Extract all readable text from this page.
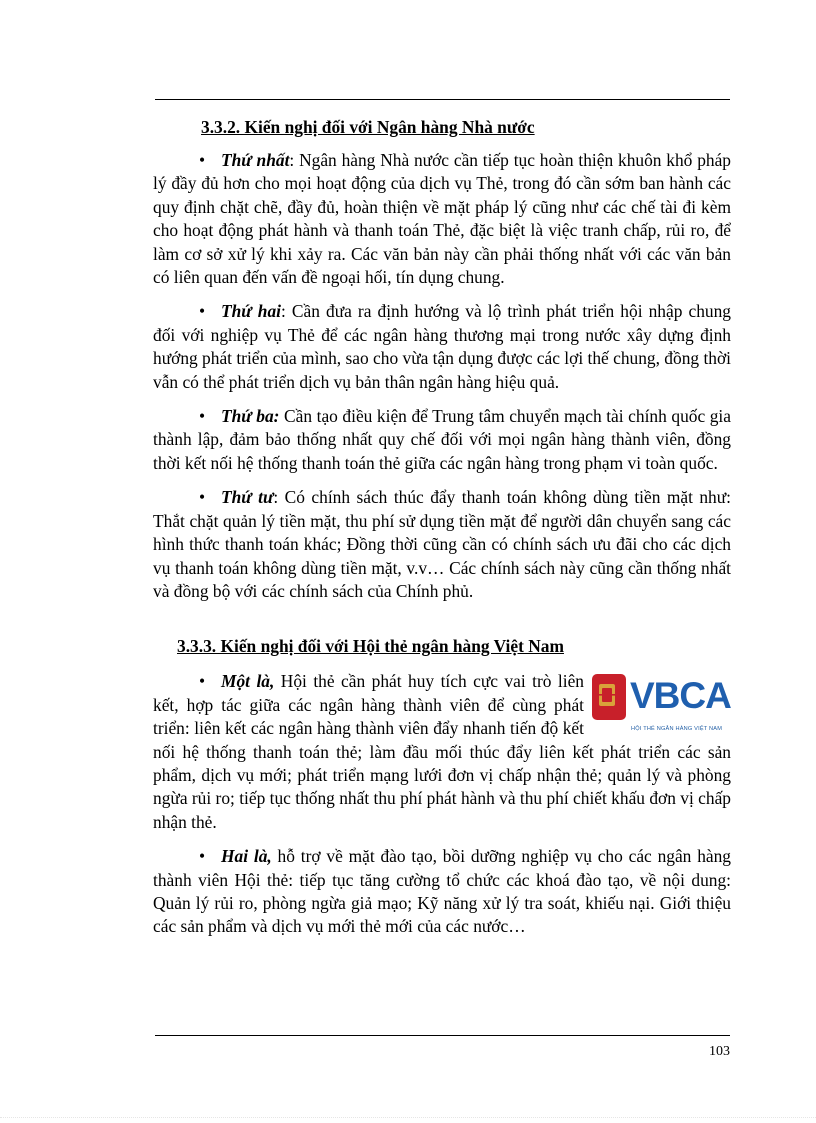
3.3.2. Kiến nghị đối với Ngân hàng Nhà nước

• Thứ nhất: Ngân hàng Nhà nước cần tiếp tục hoàn thiện khuôn khổ pháp lý đầy đủ hơn cho mọi hoạt động của dịch vụ Thẻ, trong đó cần sớm ban hành các quy định chặt chẽ, đầy đủ, hoàn thiện về mặt pháp lý cũng như các chế tài đi kèm cho hoạt động phát hành và thanh toán Thẻ, đặc biệt là việc tranh chấp, rủi ro, để làm cơ sở xử lý khi xảy ra. Các văn bản này cần phải thống nhất với các văn bản có liên quan đến vấn đề ngoại hối, tín dụng chung.

• Thứ hai: Cần đưa ra định hướng và lộ trình phát triển hội nhập chung đối với nghiệp vụ Thẻ để các ngân hàng thương mại trong nước xây dựng định hướng phát triển của mình, sao cho vừa tận dụng được các lợi thế chung, đồng thời vẫn có thể phát triển dịch vụ bản thân ngân hàng hiệu quả.

• Thứ ba: Cần tạo điều kiện để Trung tâm chuyển mạch tài chính quốc gia thành lập, đảm bảo thống nhất quy chế đối với mọi ngân hàng thành viên, đồng thời kết nối hệ thống thanh toán thẻ giữa các ngân hàng trong phạm vi toàn quốc.

• Thứ tư: Có chính sách thúc đẩy thanh toán không dùng tiền mặt như: Thắt chặt quản lý tiền mặt, thu phí sử dụng tiền mặt để người dân chuyển sang các hình thức thanh toán khác; Đồng thời cũng cần có chính sách ưu đãi cho các dịch vụ thanh toán không dùng tiền mặt, v.v… Các chính sách này cũng cần thống nhất và đồng bộ với các chính sách của Chính phủ.

3.3.3. Kiến nghị đối với Hội thẻ ngân hàng Việt Nam

VBCA
HỘI THẺ NGÂN HÀNG VIỆT NAM

• Một là, Hội thẻ cần phát huy tích cực vai trò liên kết, hợp tác giữa các ngân hàng thành viên để cùng phát triển: liên kết các ngân hàng thành viên đẩy nhanh tiến độ kết nối hệ thống thanh toán thẻ; làm đầu mối thúc đẩy liên kết phát triển các sản phẩm, dịch vụ mới; phát triển mạng lưới đơn vị chấp nhận thẻ; quản lý và phòng ngừa rủi ro; tiếp tục thống nhất thu phí phát hành và thu phí chiết khấu đơn vị chấp nhận thẻ.

• Hai là, hỗ trợ về mặt đào tạo, bồi dưỡng nghiệp vụ cho các ngân hàng thành viên Hội thẻ: tiếp tục tăng cường tổ chức các khoá đào tạo, về nội dung: Quản lý rủi ro, phòng ngừa giả mạo; Kỹ năng xử lý tra soát, khiếu nại. Giới thiệu các sản phẩm và dịch vụ mới thẻ mới của các nước…

103
